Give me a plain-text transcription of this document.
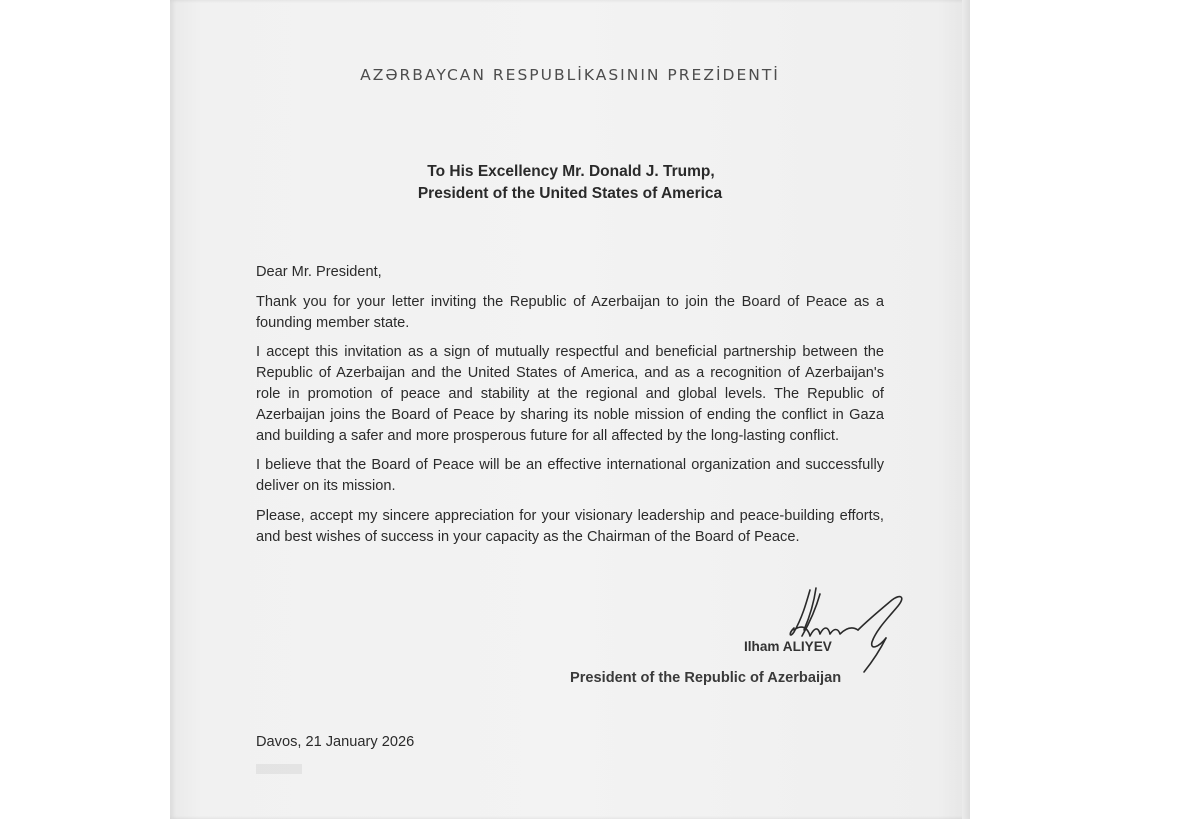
AZƏRBAYCAN RESPUBLİKASININ PREZİDENTİ
To His Excellency Mr. Donald J. Trump,
President of the United States of America

Dear Mr. President,

Thank you for your letter inviting the Republic of Azerbaijan to join the Board of Peace as a founding member state.

I accept this invitation as a sign of mutually respectful and beneficial partnership between the Republic of Azerbaijan and the United States of America, and as a recognition of Azerbaijan's role in promotion of peace and stability at the regional and global levels. The Republic of Azerbaijan joins the Board of Peace by sharing its noble mission of ending the conflict in Gaza and building a safer and more prosperous future for all affected by the long-lasting conflict.

I believe that the Board of Peace will be an effective international organization and successfully deliver on its mission.

Please, accept my sincere appreciation for your visionary leadership and peace-building efforts, and best wishes of success in your capacity as the Chairman of the Board of Peace.

Ilham ALIYEV
President of the Republic of Azerbaijan
Davos, 21 January 2026
